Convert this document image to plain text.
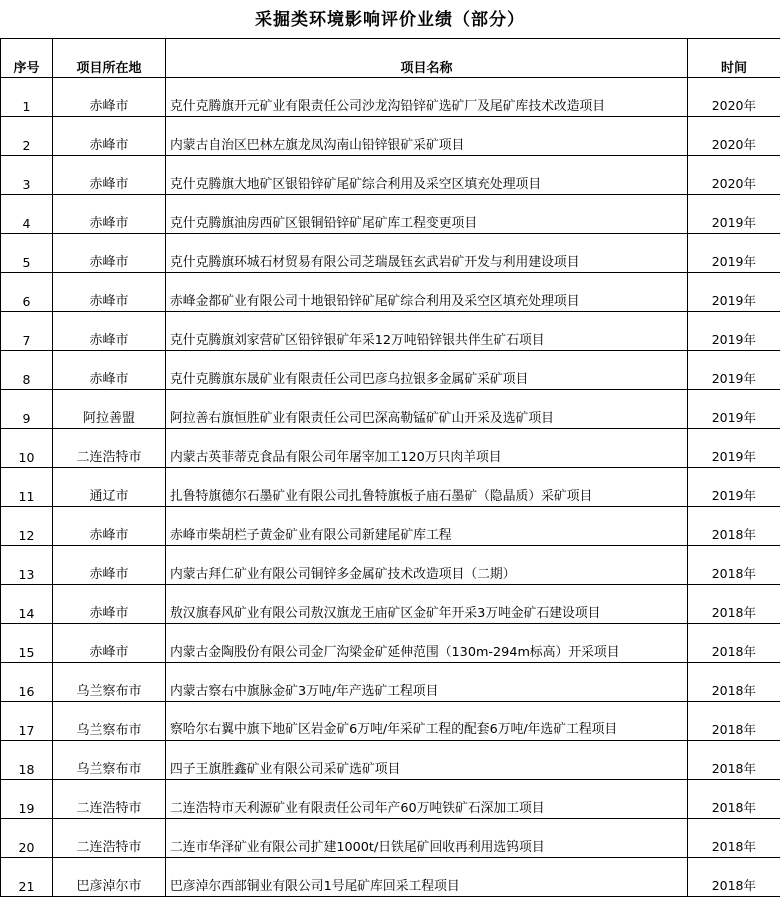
采掘类环境影响评价业绩（部分）
序号	项目所在地	项目名称	时间
1	赤峰市	克什克腾旗开元矿业有限责任公司沙龙沟铅锌矿选矿厂及尾矿库技术改造项目	2020年
2	赤峰市	内蒙古自治区巴林左旗龙凤沟南山铅锌银矿采矿项目	2020年
3	赤峰市	克什克腾旗大地矿区银铅锌矿尾矿综合利用及采空区填充处理项目	2020年
4	赤峰市	克什克腾旗油房西矿区银铜铅锌矿尾矿库工程变更项目	2019年
5	赤峰市	克什克腾旗环城石材贸易有限公司芝瑞晟钰玄武岩矿开发与利用建设项目	2019年
6	赤峰市	赤峰金都矿业有限公司十地银铅锌矿尾矿综合利用及采空区填充处理项目	2019年
7	赤峰市	克什克腾旗刘家营矿区铅锌银矿年采12万吨铅锌银共伴生矿石项目	2019年
8	赤峰市	克什克腾旗东晟矿业有限责任公司巴彦乌拉银多金属矿采矿项目	2019年
9	阿拉善盟	阿拉善右旗恒胜矿业有限责任公司巴深高勒锰矿矿山开采及选矿项目	2019年
10	二连浩特市	内蒙古英菲蒂克食品有限公司年屠宰加工120万只肉羊项目	2019年
11	通辽市	扎鲁特旗德尔石墨矿业有限公司扎鲁特旗板子庙石墨矿（隐晶质）采矿项目	2019年
12	赤峰市	赤峰市柴胡栏子黄金矿业有限公司新建尾矿库工程	2018年
13	赤峰市	内蒙古拜仁矿业有限公司铜锌多金属矿技术改造项目（二期）	2018年
14	赤峰市	敖汉旗春风矿业有限公司敖汉旗龙王庙矿区金矿年开采3万吨金矿石建设项目	2018年
15	赤峰市	内蒙古金陶股份有限公司金厂沟梁金矿延伸范围（130m-294m标高）开采项目	2018年
16	乌兰察布市	内蒙古察右中旗脉金矿3万吨/年产选矿工程项目	2018年
17	乌兰察布市	察哈尔右翼中旗下地矿区岩金矿6万吨/年采矿工程的配套6万吨/年选矿工程项目	2018年
18	乌兰察布市	四子王旗胜鑫矿业有限公司采矿选矿项目	2018年
19	二连浩特市	二连浩特市天利源矿业有限责任公司年产60万吨铁矿石深加工项目	2018年
20	二连浩特市	二连市华泽矿业有限公司扩建1000t/日铁尾矿回收再利用选钨项目	2018年
21	巴彦淖尔市	巴彦淖尔西部铜业有限公司1号尾矿库回采工程项目	2018年
